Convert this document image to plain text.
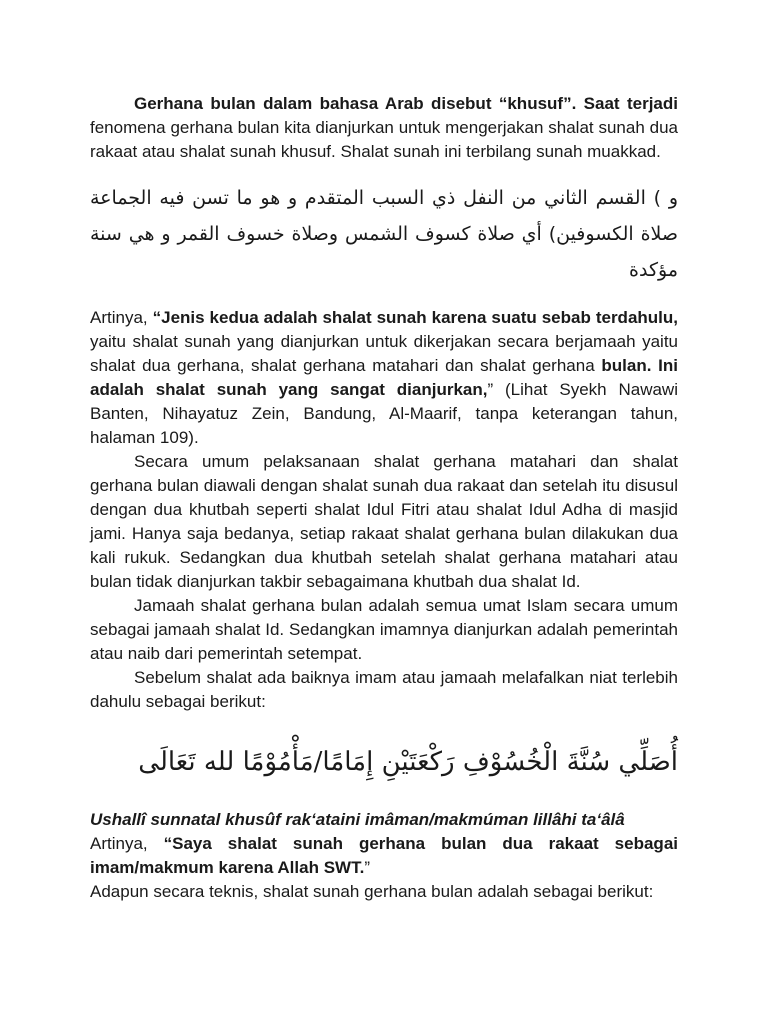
Gerhana bulan dalam bahasa Arab disebut “khusuf”. Saat terjadi fenomena gerhana bulan kita dianjurkan untuk mengerjakan shalat sunah dua rakaat atau shalat sunah khusuf. Shalat sunah ini terbilang sunah muakkad.

و ) القسم الثاني من النفل ذي السبب المتقدم و هو ما تسن فيه الجماعة صلاة الكسوفين) أي صلاة كسوف الشمس وصلاة خسوف القمر و هي سنة مؤكدة

Artinya, “Jenis kedua adalah shalat sunah karena suatu sebab terdahulu, yaitu shalat sunah yang dianjurkan untuk dikerjakan secara berjamaah yaitu shalat dua gerhana, shalat gerhana matahari dan shalat gerhana bulan. Ini adalah shalat sunah yang sangat dianjurkan,” (Lihat Syekh Nawawi Banten, Nihayatuz Zein, Bandung, Al-Maarif, tanpa keterangan tahun, halaman 109).

Secara umum pelaksanaan shalat gerhana matahari dan shalat gerhana bulan diawali dengan shalat sunah dua rakaat dan setelah itu disusul dengan dua khutbah seperti shalat Idul Fitri atau shalat Idul Adha di masjid jami. Hanya saja bedanya, setiap rakaat shalat gerhana bulan dilakukan dua kali rukuk. Sedangkan dua khutbah setelah shalat gerhana matahari atau bulan tidak dianjurkan takbir sebagaimana khutbah dua shalat Id.

Jamaah shalat gerhana bulan adalah semua umat Islam secara umum sebagai jamaah shalat Id. Sedangkan imamnya dianjurkan adalah pemerintah atau naib dari pemerintah setempat.

Sebelum shalat ada baiknya imam atau jamaah melafalkan niat terlebih dahulu sebagai berikut:

أُصَلِّي سُنَّةَ الْخُسُوْفِ رَكْعَتَيْنِ إِمَامًا/مَأْمُوْمًا لله تَعَالَى

Ushallî sunnatal khusûf rak‘ataini imâman/makmúman lillâhi ta‘âlâ

Artinya, “Saya shalat sunah gerhana bulan dua rakaat sebagai imam/makmum karena Allah SWT.”

Adapun secara teknis, shalat sunah gerhana bulan adalah sebagai berikut:
